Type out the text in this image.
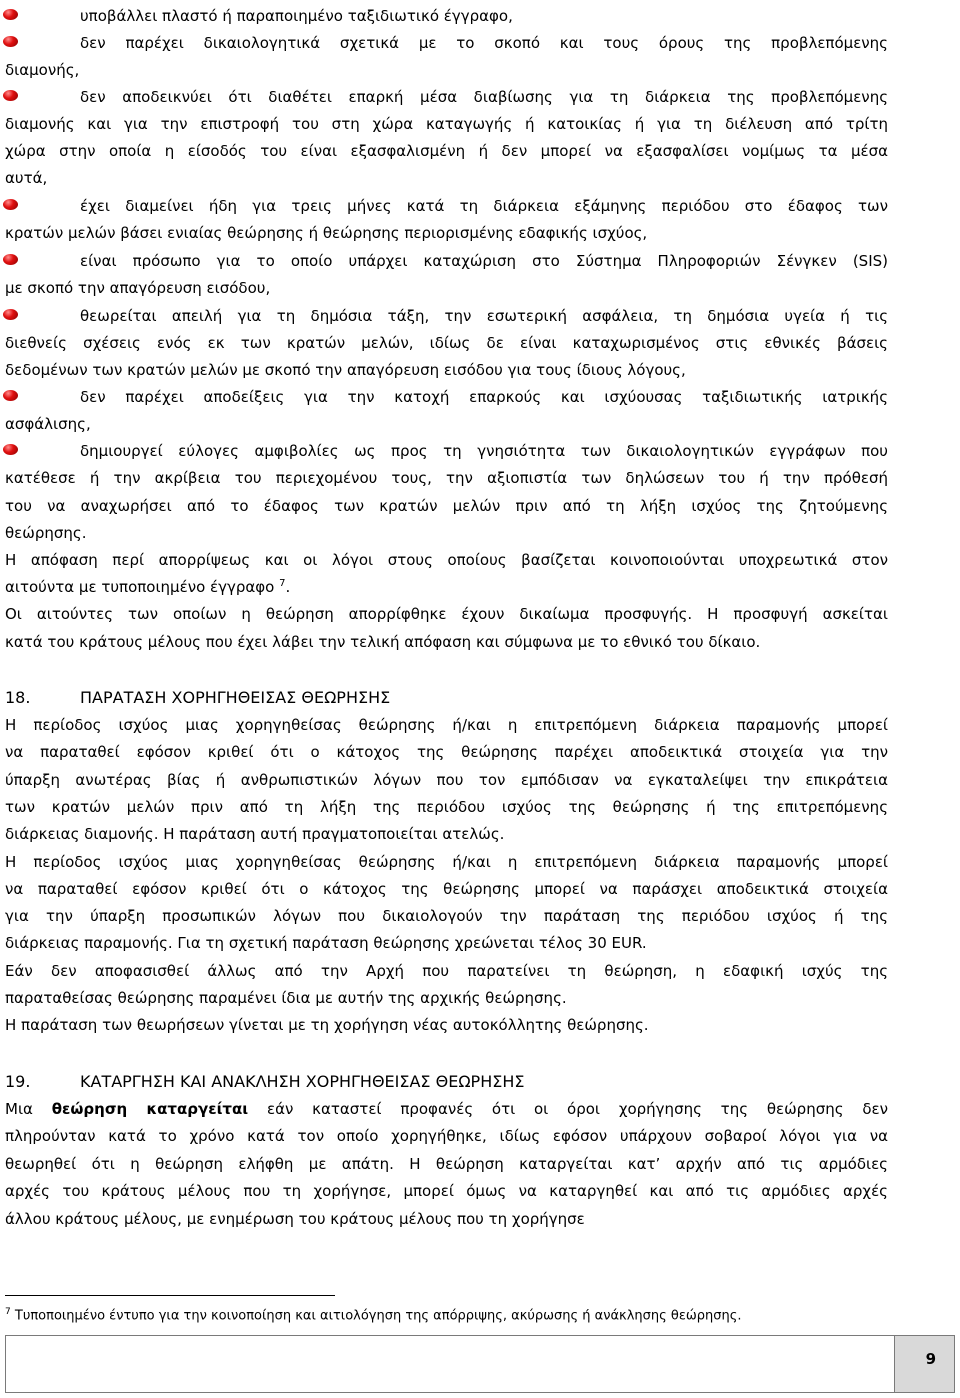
υποβάλλει πλαστό ή παραποιημένο ταξιδιωτικό έγγραφο,
δεν παρέχει δικαιολογητικά σχετικά με το σκοπό και τους όρους της προβλεπόμενης
διαμονής,
δεν αποδεικνύει ότι διαθέτει επαρκή μέσα διαβίωσης για τη διάρκεια της προβλεπόμενης
διαμονής και για την επιστροφή του στη χώρα καταγωγής ή κατοικίας ή για τη διέλευση από τρίτη
χώρα στην οποία η είσοδός του είναι εξασφαλισμένη ή δεν μπορεί να εξασφαλίσει νομίμως τα μέσα
αυτά,
έχει διαμείνει ήδη για τρεις μήνες κατά τη διάρκεια εξάμηνης περιόδου στο έδαφος των
κρατών μελών βάσει ενιαίας θεώρησης ή θεώρησης περιορισμένης εδαφικής ισχύος,
είναι πρόσωπο για το οποίο υπάρχει καταχώριση στο Σύστημα Πληροφοριών Σένγκεν (SIS)
με σκοπό την απαγόρευση εισόδου,
θεωρείται απειλή για τη δημόσια τάξη, την εσωτερική ασφάλεια, τη δημόσια υγεία ή τις
διεθνείς σχέσεις ενός εκ των κρατών μελών, ιδίως δε είναι καταχωρισμένος στις εθνικές βάσεις
δεδομένων των κρατών μελών με σκοπό την απαγόρευση εισόδου για τους ίδιους λόγους,
δεν παρέχει αποδείξεις για την κατοχή επαρκούς και ισχύουσας ταξιδιωτικής ιατρικής
ασφάλισης,
δημιουργεί εύλογες αμφιβολίες ως προς τη γνησιότητα των δικαιολογητικών εγγράφων που
κατέθεσε ή την ακρίβεια του περιεχομένου τους, την αξιοπιστία των δηλώσεων του ή την πρόθεσή
του να αναχωρήσει από το έδαφος των κρατών μελών πριν από τη λήξη ισχύος της ζητούμενης
θεώρησης.
Η απόφαση περί απορρίψεως και οι λόγοι στους οποίους βασίζεται κοινοποιούνται υποχρεωτικά στον
αιτούντα με τυποποιημένο έγγραφο $^7$.
Οι αιτούντες των οποίων η θεώρηση απορρίφθηκε έχουν δικαίωμα προσφυγής. Η προσφυγή ασκείται
κατά του κράτους μέλους που έχει λάβει την τελική απόφαση και σύμφωνα με το εθνικό του δίκαιο.
18.	ΠΑΡΑΤΑΣΗ ΧΟΡΗΓΗΘΕΙΣΑΣ ΘΕΩΡΗΣΗΣ
Η περίοδος ισχύος μιας χορηγηθείσας θεώρησης ή/και η επιτρεπόμενη διάρκεια παραμονής μπορεί
να παραταθεί εφόσον κριθεί ότι ο κάτοχος της θεώρησης παρέχει αποδεικτικά στοιχεία για την
ύπαρξη ανωτέρας βίας ή ανθρωπιστικών λόγων που τον εμπόδισαν να εγκαταλείψει την επικράτεια
των κρατών μελών πριν από τη λήξη της περιόδου ισχύος της θεώρησης ή της επιτρεπόμενης
διάρκειας διαμονής. Η παράταση αυτή πραγματοποιείται ατελώς.
Η περίοδος ισχύος μιας χορηγηθείσας θεώρησης ή/και η επιτρεπόμενη διάρκεια παραμονής μπορεί
να παραταθεί εφόσον κριθεί ότι ο κάτοχος της θεώρησης μπορεί να παράσχει αποδεικτικά στοιχεία
για την ύπαρξη προσωπικών λόγων που δικαιολογούν την παράταση της περιόδου ισχύος ή της
διάρκειας παραμονής. Για τη σχετική παράταση θεώρησης χρεώνεται τέλος 30 EUR.
Εάν δεν αποφασισθεί άλλως από την Αρχή που παρατείνει τη θεώρηση, η εδαφική ισχύς της
παραταθείσας θεώρησης παραμένει ίδια με αυτήν της αρχικής θεώρησης.
Η παράταση των θεωρήσεων γίνεται με τη χορήγηση νέας αυτοκόλλητης θεώρησης.
19.	ΚΑΤΑΡΓΗΣΗ ΚΑΙ ΑΝΑΚΛΗΣΗ ΧΟΡΗΓΗΘΕΙΣΑΣ ΘΕΩΡΗΣΗΣ
Μια θεώρηση καταργείται εάν καταστεί προφανές ότι οι όροι χορήγησης της θεώρησης δεν
πληρούνταν κατά το χρόνο κατά τον οποίο χορηγήθηκε, ιδίως εφόσον υπάρχουν σοβαροί λόγοι για να
θεωρηθεί ότι η θεώρηση ελήφθη με απάτη. Η θεώρηση καταργείται κατ’ αρχήν από τις αρμόδιες
αρχές του κράτους μέλους που τη χορήγησε, μπορεί όμως να καταργηθεί και από τις αρμόδιες αρχές
άλλου κράτους μέλους, με ενημέρωση του κράτους μέλους που τη χορήγησε
$^7$ Τυποποιημένο έντυπο για την κοινοποίηση και αιτιολόγηση της απόρριψης, ακύρωσης ή ανάκλησης θεώρησης.
9
